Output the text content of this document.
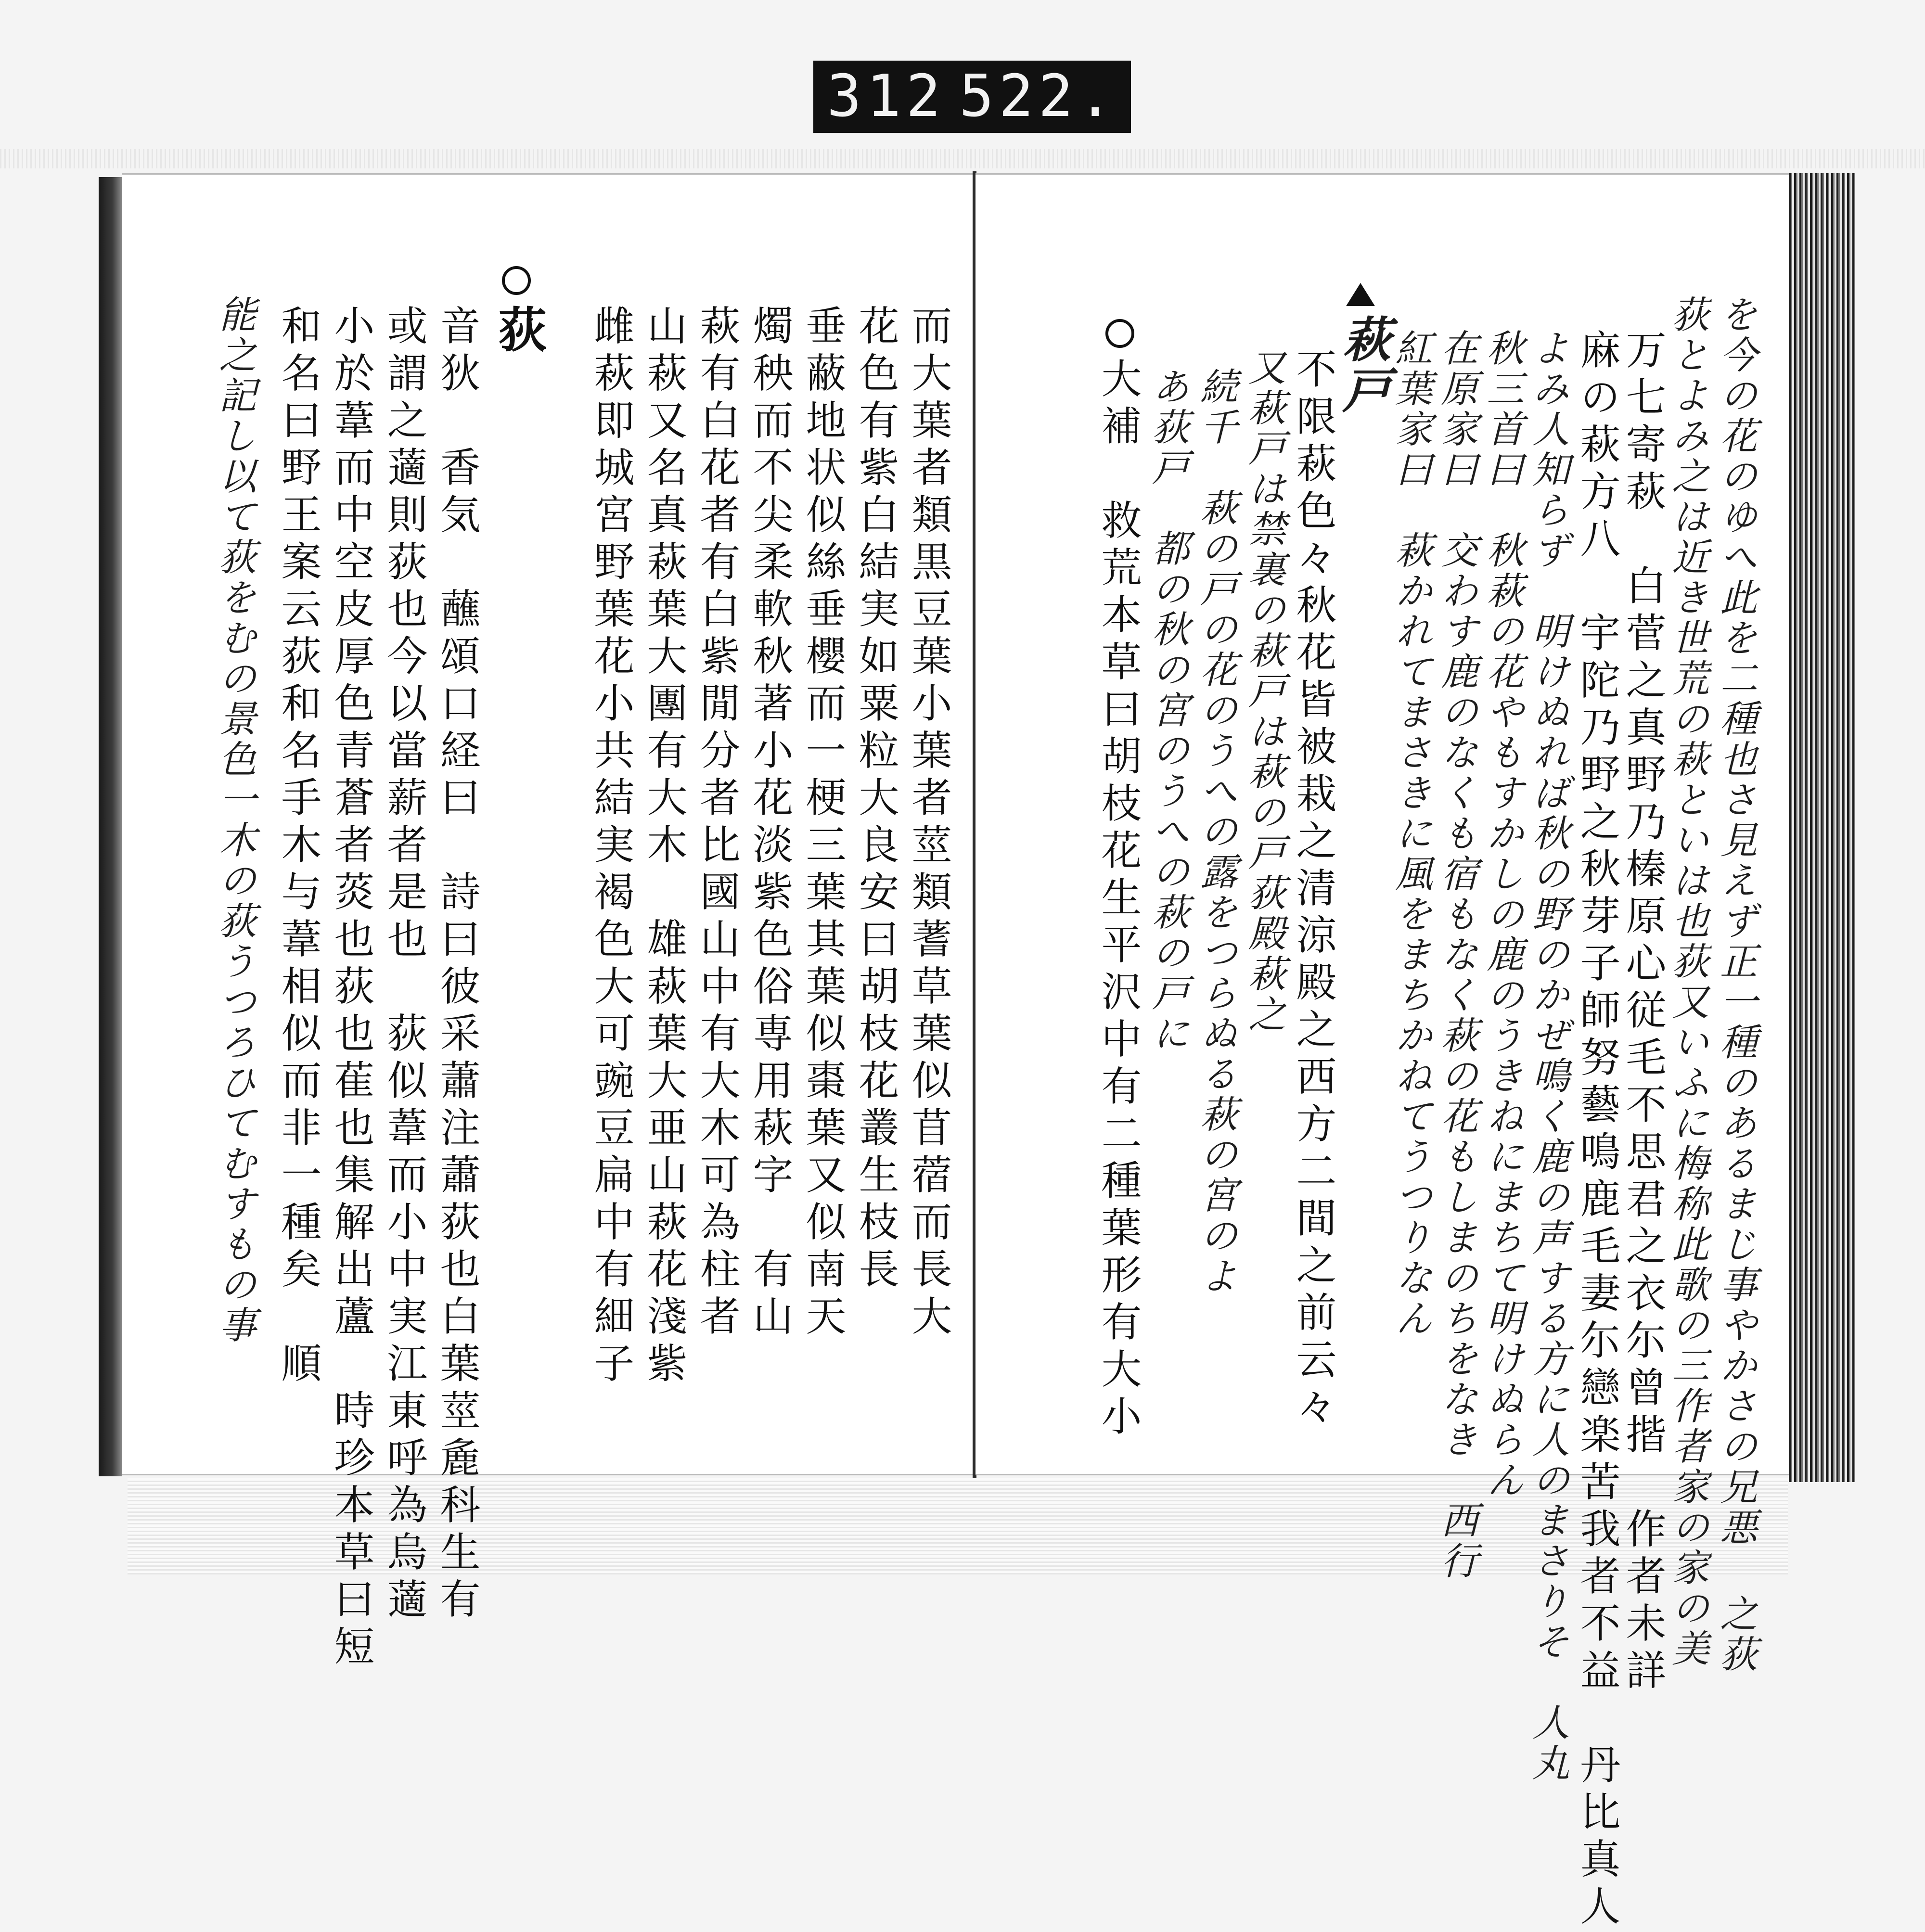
312 522.
而大葉者類黒豆葉小葉者莖類蓍草葉似苜蓿而長大
花色有紫白結実如粟粒大良安曰胡枝花叢生枝長
垂蔽地状似絲垂櫻而一梗三葉其葉似棗葉又似南天
燭秧而不尖柔軟秋著小花淡紫色俗専用萩字　有山
萩有白花者有白紫閒分者比國山中有大木可為柱者
山萩又名真萩葉大團有大木　雄萩葉大亜山萩花淺紫
雌萩即城宮野葉花小共結実褐色大可豌豆扁中有細子
荻
音狄　香気　蘸頌口経曰　詩曰彼采蕭注蕭荻也白葉莖麁科生有
或謂之藡則荻也今以當薪者是也　荻似葦而小中実江東呼為烏藡
小於葦而中空皮厚色青蒼者菼也荻也萑也集解出蘆　時珍本草曰短
和名曰野王案云荻和名手木与葦相似而非一種矣　順
能之記し以て荻をむの景色一木の荻うつろひてむすもの事	を今の花のゆへ此を二種也さ見えず正一種のあるまじ事やかさの兄悪 之荻
荻とよみ之は近き世荒の萩といは也荻又いふに梅称此歌の三作者家の家の美
万七寄萩　白菅之真野乃榛原心従毛不思君之衣尓曾揩　作者未詳
麻の萩方八　宇陀乃野之秋芽子師努藝鳴鹿毛妻尓戀楽苦我者不益　丹比真人
よみ人知らず　明けぬれば秋の野のかぜ鳴く鹿の声する方に人のまさりそ　人丸
秋三首曰　秋萩の花やもすかしの鹿のうきねにまちて明けぬらん
在原家曰　交わす鹿のなくも宿もなく萩の花もしまのちをなき　西行
紅葉家曰　萩かれてまさきに風をまちかねてうつりなん
萩戸
不限萩色々秋花皆被栽之清涼殿之西方二間之前云々
又萩戸は禁裏の萩戸は萩の戸荻殿萩之
続千　萩の戸の花のうへの露をつらぬる萩の宮のよ
あ荻戸　都の秋の宮のうへの萩の戸に
大補　救荒本草曰胡枝花生平沢中有二種葉形有大小
